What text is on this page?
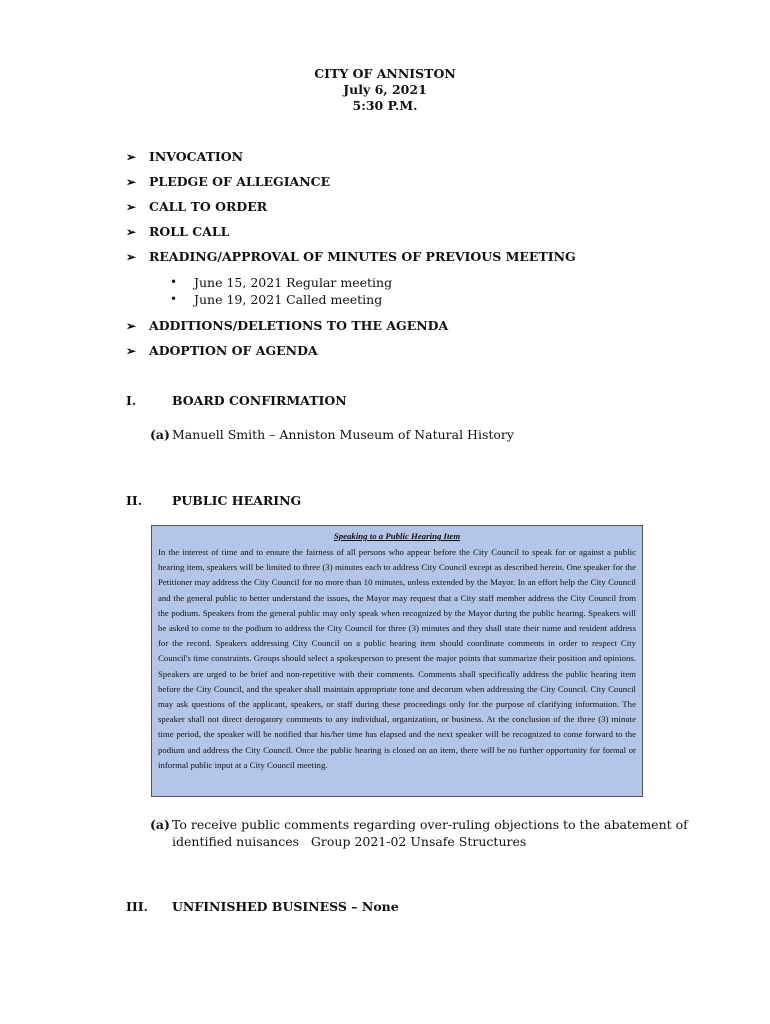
CITY OF ANNISTON
July 6, 2021
5:30 P.M.
➢	INVOCATION
➢	PLEDGE OF ALLEGIANCE
➢	CALL TO ORDER
➢	ROLL CALL
➢	READING/APPROVAL OF MINUTES OF PREVIOUS MEETING
•	June 15, 2021 Regular meeting
•	June 19, 2021 Called meeting
➢	ADDITIONS/DELETIONS TO THE AGENDA
➢	ADOPTION OF AGENDA
I.	BOARD CONFIRMATION
(a) Manuell Smith – Anniston Museum of Natural History
II.	PUBLIC HEARING
Speaking to a Public Hearing Item
In the interest of time and to ensure the fairness of all persons who appear before the City Council to speak for or against a public hearing item, speakers will be limited to three (3) minutes each to address City Council except as described herein. One speaker for the Petitioner may address the City Council for no more than 10 minutes, unless extended by the Mayor. In an effort help the City Council and the general public to better understand the issues, the Mayor may request that a City staff member address the City Council from the podium. Speakers from the general public may only speak when recognized by the Mayor during the public hearing. Speakers will be asked to come to the podium to address the City Council for three (3) minutes and they shall state their name and resident address for the record. Speakers addressing City Council on a public hearing item should coordinate comments in order to respect City Council's time constraints. Groups should select a spokesperson to present the major points that summarize their position and opinions. Speakers are urged to be brief and non-repetitive with their comments. Comments shall specifically address the public hearing item before the City Council, and the speaker shall maintain appropriate tone and decorum when addressing the City Council. City Council may ask questions of the applicant, speakers, or staff during these proceedings only for the purpose of clarifying information. The speaker shall not direct derogatory comments to any individual, organization, or business. At the conclusion of the three (3) minute time period, the speaker will be notified that his/her time has elapsed and the next speaker will be recognized to come forward to the podium and address the City Council. Once the public hearing is closed on an item, there will be no further opportunity for formal or informal public input at a City Council meeting.
(a) To receive public comments regarding over-ruling objections to the abatement of
identified nuisances   Group 2021-02 Unsafe Structures
III.	UNFINISHED BUSINESS – None
